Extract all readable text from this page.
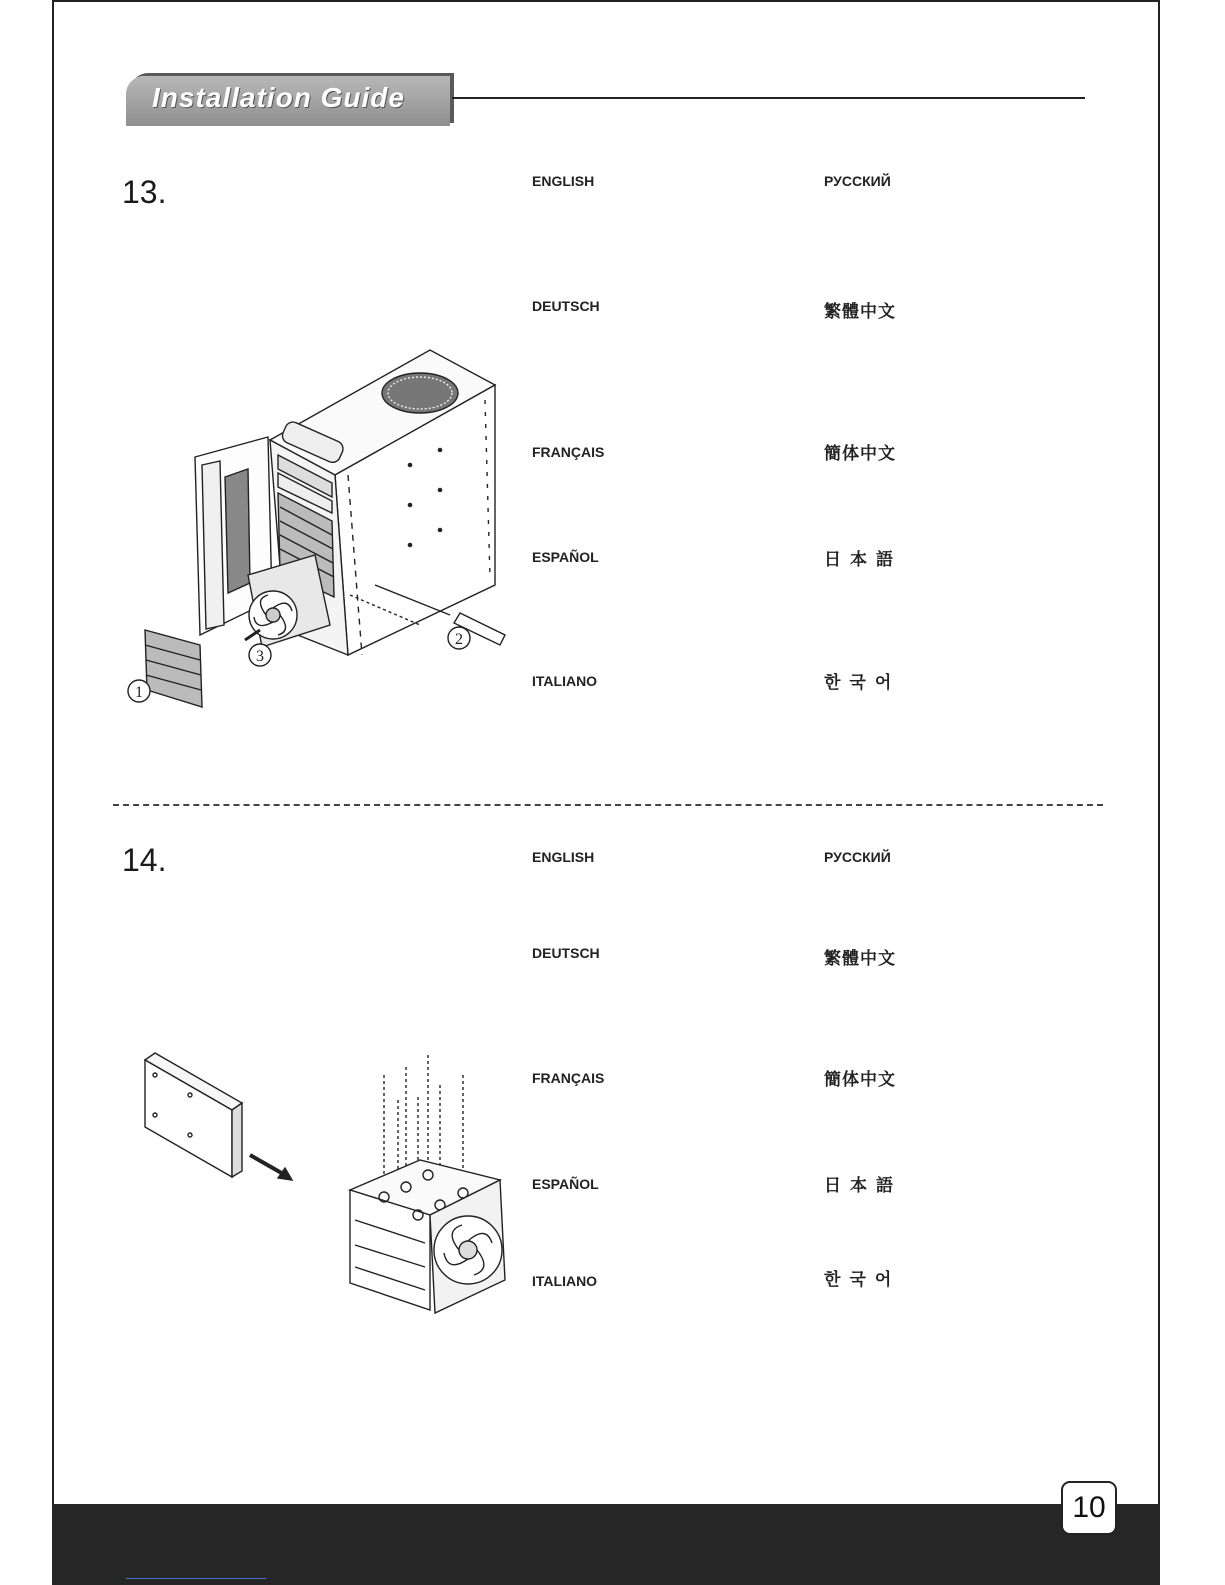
Installation Guide
13.	ENGLISH	РУССКИЙ
DEUTSCH	繁體中文
FRANÇAIS	簡体中文
ESPAÑOL	日本語
ITALIANO	한국어
1
2
3
14.	ENGLISH	РУССКИЙ
DEUTSCH	繁體中文
FRANÇAIS	簡体中文
ESPAÑOL	日本語
ITALIANO	한국어
10
